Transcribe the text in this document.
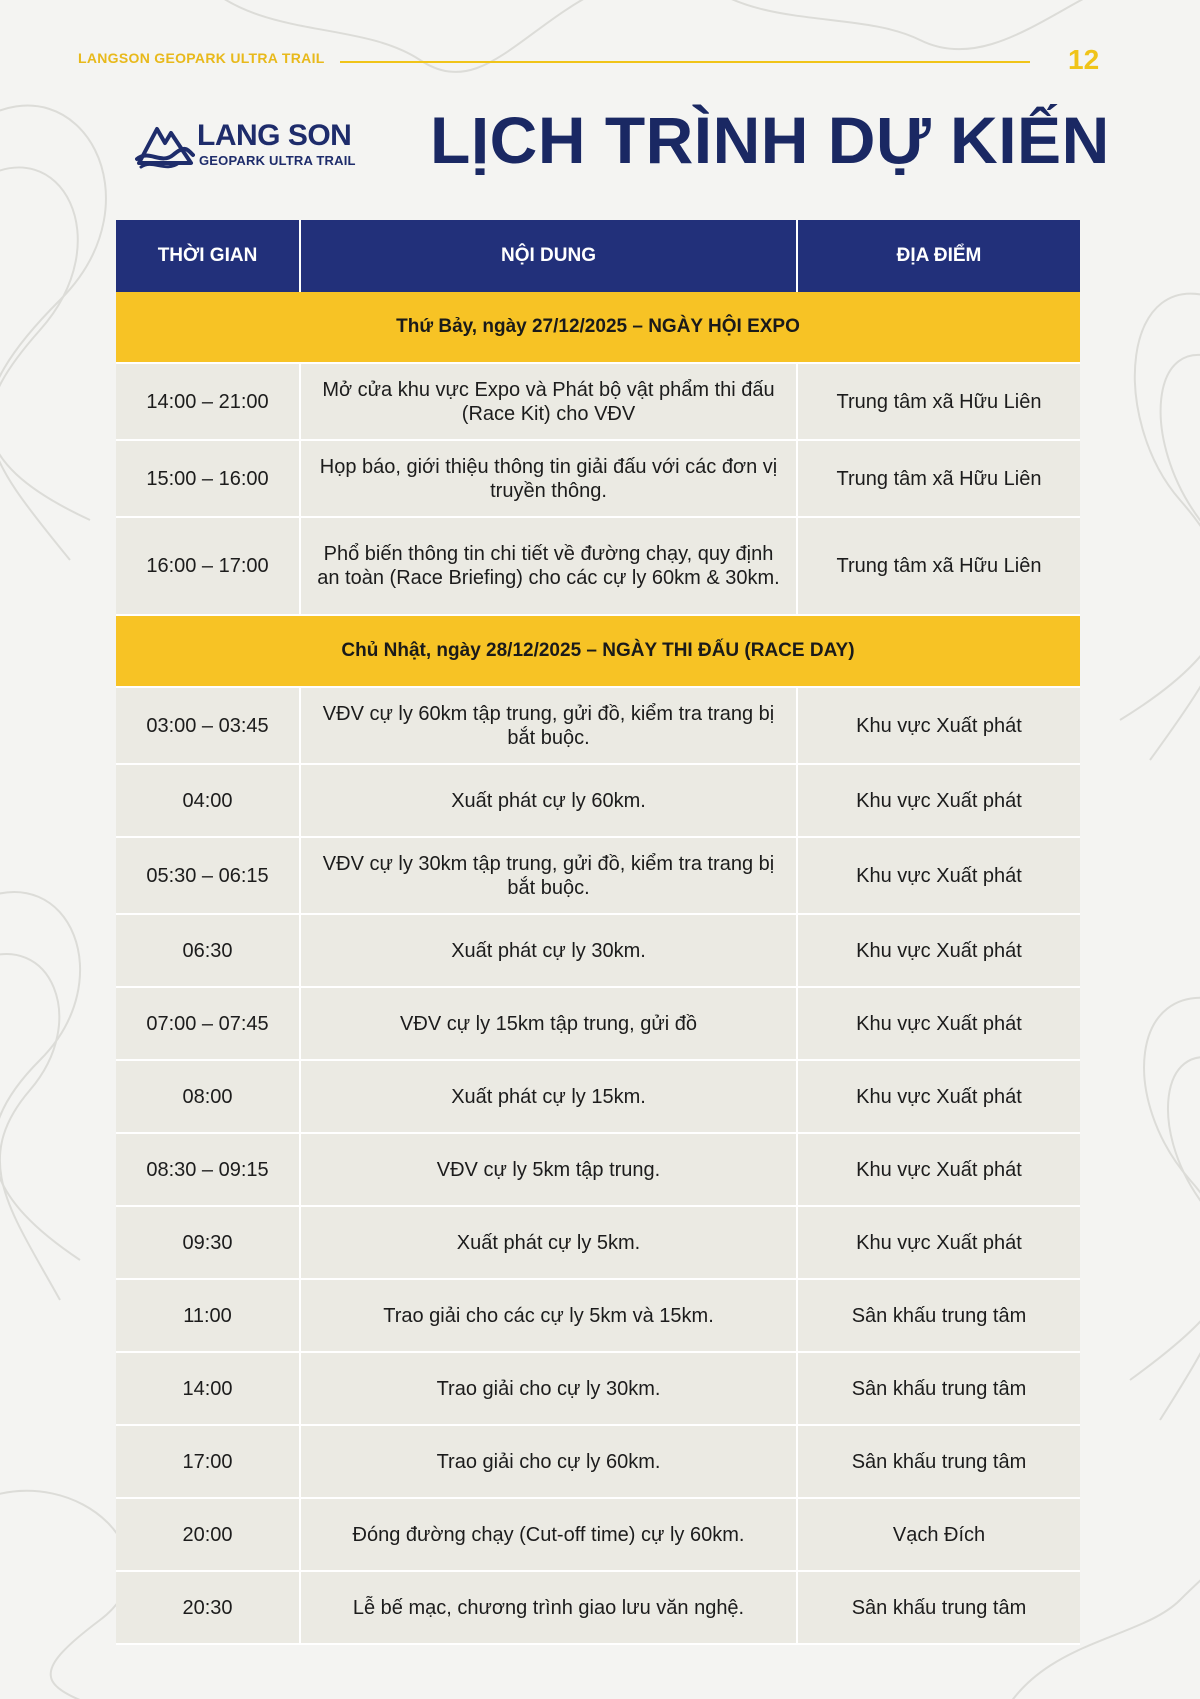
LANGSON GEOPARK ULTRA TRAIL	12
LANG SON
GEOPARK ULTRA TRAIL LỊCH TRÌNH DỰ KIẾN
THỜI GIAN	NỘI DUNG	ĐỊA ĐIỂM
Thứ Bảy, ngày 27/12/2025 – NGÀY HỘI EXPO		
14:00 – 21:00	Mở cửa khu vực Expo và Phát bộ vật phẩm thi đấu (Race Kit) cho VĐV	Trung tâm xã Hữu Liên
15:00 – 16:00	Họp báo, giới thiệu thông tin giải đấu với các đơn vị truyền thông.	Trung tâm xã Hữu Liên
16:00 – 17:00	Phổ biến thông tin chi tiết về đường chạy, quy định an toàn (Race Briefing) cho các cự ly 60km & 30km.	Trung tâm xã Hữu Liên
Chủ Nhật, ngày 28/12/2025 – NGÀY THI ĐẤU (RACE DAY)		
03:00 – 03:45	VĐV cự ly 60km tập trung, gửi đồ, kiểm tra trang bị bắt buộc.	Khu vực Xuất phát
04:00	Xuất phát cự ly 60km.	Khu vực Xuất phát
05:30 – 06:15	VĐV cự ly 30km tập trung, gửi đồ, kiểm tra trang bị bắt buộc.	Khu vực Xuất phát
06:30	Xuất phát cự ly 30km.	Khu vực Xuất phát
07:00 – 07:45	VĐV cự ly 15km tập trung, gửi đồ	Khu vực Xuất phát
08:00	Xuất phát cự ly 15km.	Khu vực Xuất phát
08:30 – 09:15	VĐV cự ly 5km tập trung.	Khu vực Xuất phát
09:30	Xuất phát cự ly 5km.	Khu vực Xuất phát
11:00	Trao giải cho các cự ly 5km và 15km.	Sân khấu trung tâm
14:00	Trao giải cho cự ly 30km.	Sân khấu trung tâm
17:00	Trao giải cho cự ly 60km.	Sân khấu trung tâm
20:00	Đóng đường chạy (Cut-off time) cự ly 60km.	Vạch Đích
20:30	Lễ bế mạc, chương trình giao lưu văn nghệ.	Sân khấu trung tâm
